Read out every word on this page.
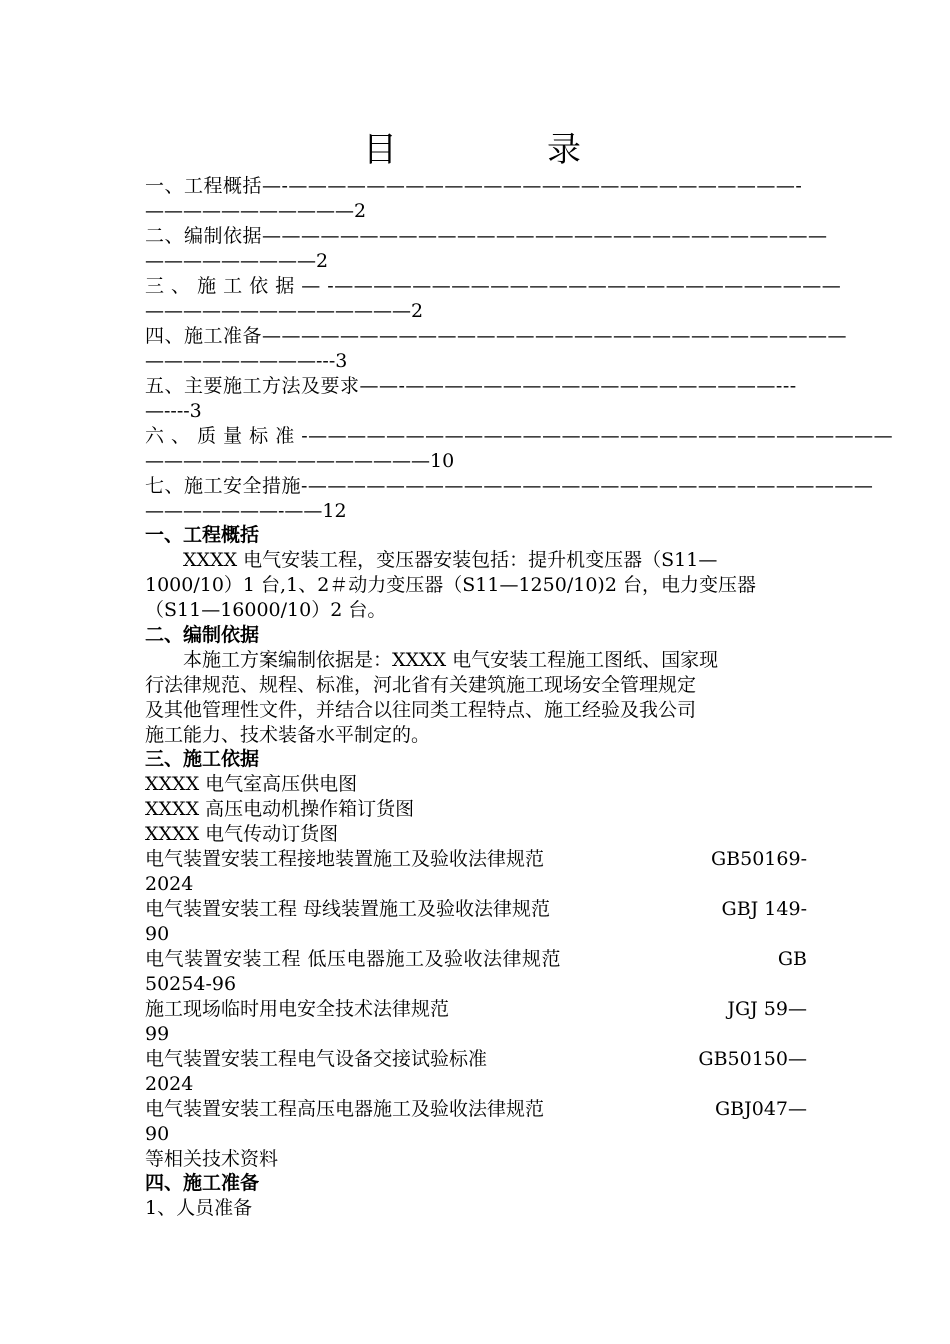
目	录
一、工程概括—-——————————————————————————-
———————————2
二、编制依据—————————————————————————————
—————————2
三 、 施 工 依 据 — -——————————————————————————
——————————————2
四、施工准备——————————————————————————————
—————————---3
五、主要施工方法及要求——-———————————————————---
—----3
六 、 质 量 标 准 -——————————————————————————————
———————————————10
七、施工安全措施-—————————————————————————————
———————-——12
一、工程概括
XXXX 电气安装工程，变压器安装包括：提升机变压器（S11—
1000/10）1 台,1、2＃动力变压器（S11—1250/10)2 台，电力变压器
（S11—16000/10）2 台。
二、编制依据
本施工方案编制依据是：XXXX 电气安装工程施工图纸、国家现
行法律规范、规程、标准，河北省有关建筑施工现场安全管理规定
及其他管理性文件，并结合以往同类工程特点、施工经验及我公司
施工能力、技术装备水平制定的。
三、施工依据
XXXX 电气室高压供电图
XXXX 高压电动机操作箱订货图
XXXX 电气传动订货图
电气装置安装工程接地装置施工及验收法律规范	GB50169-
2024
电气装置安装工程 母线装置施工及验收法律规范	GBJ 149-
90
电气装置安装工程 低压电器施工及验收法律规范	GB
50254-96
施工现场临时用电安全技术法律规范	JGJ 59—
99
电气装置安装工程电气设备交接试验标准	GB50150—
2024
电气装置安装工程高压电器施工及验收法律规范	GBJ047—
90
等相关技术资料
四、施工准备
1、人员准备
